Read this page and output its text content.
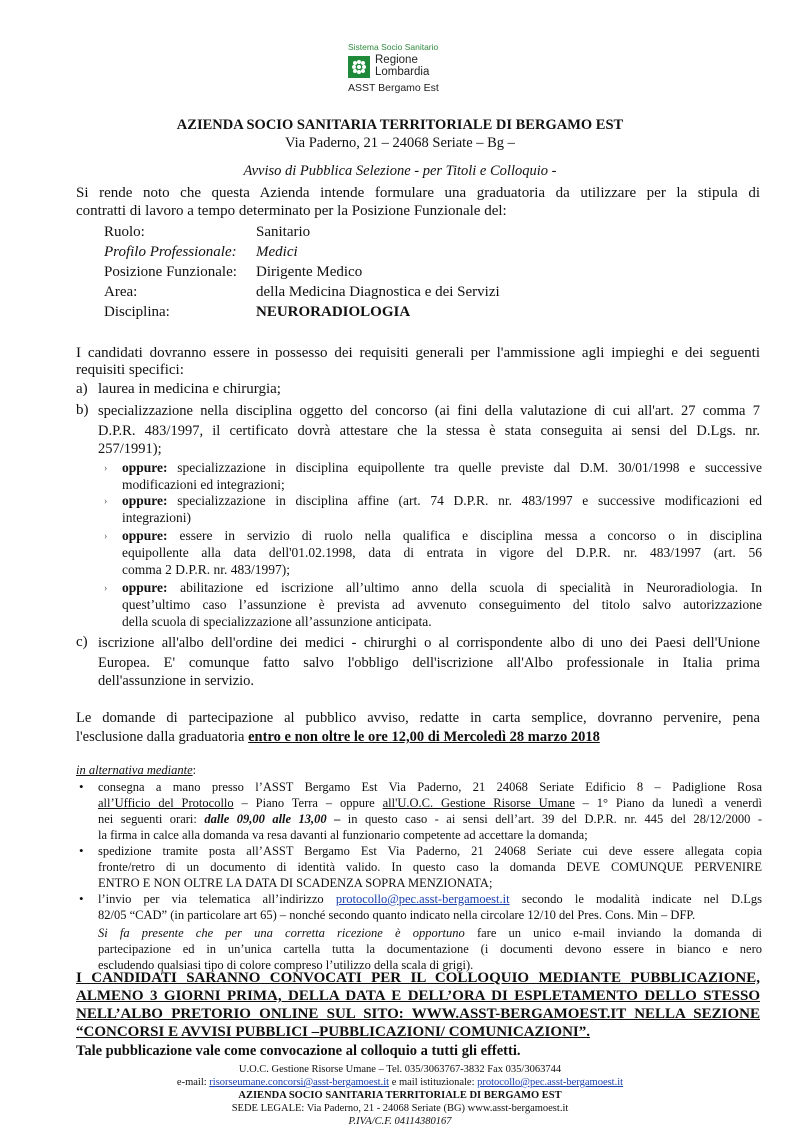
Sistema Socio Sanitario
Regione
Lombardia
ASST Bergamo Est
AZIENDA SOCIO SANITARIA TERRITORIALE DI BERGAMO EST
Via Paderno, 21 – 24068 Seriate – Bg –
Avviso di Pubblica Selezione - per Titoli e Colloquio -
Si rende noto che questa Azienda intende formulare una graduatoria da utilizzare per la stipula di
contratti di lavoro a tempo determinato per la Posizione Funzionale del:
Ruolo:	Sanitario
Profilo Professionale: Medici
Posizione Funzionale: Dirigente Medico
Area:	della Medicina Diagnostica e dei Servizi
Disciplina:	NEURORADIOLOGIA
I candidati dovranno essere in possesso dei requisiti generali per l'ammissione agli impieghi e dei seguenti
requisiti specifici:
a) laurea in medicina e chirurgia;
b) specializzazione nella disciplina oggetto del concorso (ai fini della valutazione di cui all'art. 27 comma 7
D.P.R. 483/1997, il certificato dovrà attestare che la stessa è stata conseguita ai sensi del D.Lgs. nr.
257/1991);
› oppure: specializzazione in disciplina equipollente tra quelle previste dal D.M. 30/01/1998 e successive
modificazioni ed integrazioni;
› oppure: specializzazione in disciplina affine (art. 74 D.P.R. nr. 483/1997 e successive modificazioni ed
integrazioni)
› oppure: essere in servizio di ruolo nella qualifica e disciplina messa a concorso o in disciplina
equipollente alla data dell'01.02.1998, data di entrata in vigore del D.P.R. nr. 483/1997 (art. 56
comma 2 D.P.R. nr. 483/1997);
› oppure: abilitazione ed iscrizione all’ultimo anno della scuola di specialità in Neuroradiologia. In
quest’ultimo caso l’assunzione è prevista ad avvenuto conseguimento del titolo salvo autorizzazione
della scuola di specializzazione all’assunzione anticipata.
c) iscrizione all'albo dell'ordine dei medici - chirurghi o al corrispondente albo di uno dei Paesi dell'Unione
Europea. E' comunque fatto salvo l'obbligo dell'iscrizione all'Albo professionale in Italia prima
dell'assunzione in servizio.
Le domande di partecipazione al pubblico avviso, redatte in carta semplice, dovranno pervenire, pena
l'esclusione dalla graduatoria entro e non oltre le ore 12,00 di Mercoledì 28 marzo 2018
in alternativa mediante:
• consegna a mano presso l’ASST Bergamo Est Via Paderno, 21 24068 Seriate Edificio 8 – Padiglione Rosa
all’Ufficio del Protocollo – Piano Terra – oppure all'U.O.C. Gestione Risorse Umane – 1° Piano da lunedì a venerdì
nei seguenti orari: dalle 09,00 alle 13,00 – in questo caso - ai sensi dell’art. 39 del D.P.R. nr. 445 del 28/12/2000 -
la firma in calce alla domanda va resa davanti al funzionario competente ad accettare la domanda;
• spedizione tramite posta all’ASST Bergamo Est Via Paderno, 21 24068 Seriate cui deve essere allegata copia
fronte/retro di un documento di identità valido. In questo caso la domanda DEVE COMUNQUE PERVENIRE
ENTRO E NON OLTRE LA DATA DI SCADENZA SOPRA MENZIONATA;
• l’invio per via telematica all’indirizzo protocollo@pec.asst-bergamoest.it secondo le modalità indicate nel D.Lgs
82/05 “CAD” (in particolare art 65) – nonché secondo quanto indicato nella circolare 12/10 del Pres. Cons. Min – DFP.
Si fa presente che per una corretta ricezione è opportuno fare un unico e-mail inviando la domanda di
partecipazione ed in un’unica cartella tutta la documentazione (i documenti devono essere in bianco e nero
escludendo qualsiasi tipo di colore compreso l’utilizzo della scala di grigi).
I CANDIDATI SARANNO CONVOCATI PER IL COLLOQUIO MEDIANTE PUBBLICAZIONE,
ALMENO 3 GIORNI PRIMA, DELLA DATA E DELL’ORA DI ESPLETAMENTO DELLO STESSO
NELL’ALBO PRETORIO ONLINE SUL SITO: WWW.ASST-BERGAMOEST.IT NELLA SEZIONE
“CONCORSI E AVVISI PUBBLICI –PUBBLICAZIONI/ COMUNICAZIONI”.
Tale pubblicazione vale come convocazione al colloquio a tutti gli effetti.
U.O.C. Gestione Risorse Umane – Tel. 035/3063767-3832 Fax 035/3063744
e-mail: risorseumane.concorsi@asst-bergamoest.it e mail istituzionale: protocollo@pec.asst-bergamoest.it
AZIENDA SOCIO SANITARIA TERRITORIALE DI BERGAMO EST
SEDE LEGALE: Via Paderno, 21 - 24068 Seriate (BG) www.asst-bergamoest.it
P.IVA/C.F. 04114380167
